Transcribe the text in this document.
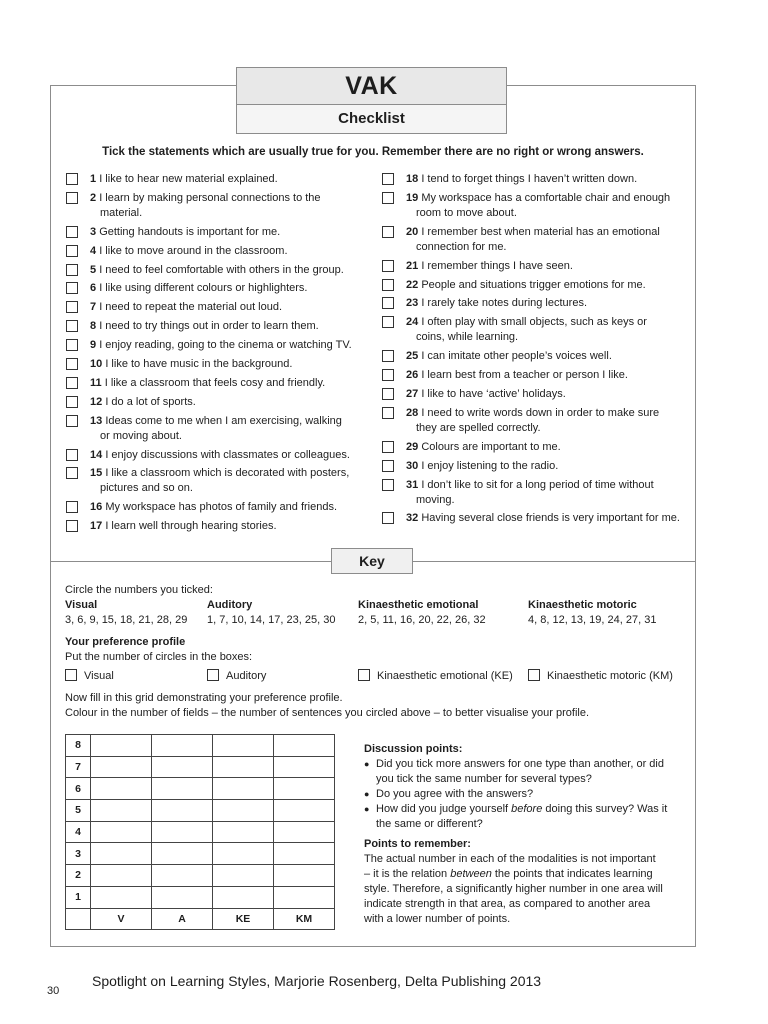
VAK
Checklist
Tick the statements which are usually true for you. Remember there are no right or wrong answers.
1 I like to hear new material explained.
2 I learn by making personal connections to the
material.
3 Getting handouts is important for me.
4 I like to move around in the classroom.
5 I need to feel comfortable with others in the group.
6 I like using different colours or highlighters.
7 I need to repeat the material out loud.
8 I need to try things out in order to learn them.
9 I enjoy reading, going to the cinema or watching TV.
10 I like to have music in the background.
11 I like a classroom that feels cosy and friendly.
12 I do a lot of sports.
13 Ideas come to me when I am exercising, walking
or moving about.
14 I enjoy discussions with classmates or colleagues.
15 I like a classroom which is decorated with posters,
pictures and so on.
16 My workspace has photos of family and friends.
17 I learn well through hearing stories.
18 I tend to forget things I haven’t written down.
19 My workspace has a comfortable chair and enough
room to move about.
20 I remember best when material has an emotional
connection for me.
21 I remember things I have seen.
22 People and situations trigger emotions for me.
23 I rarely take notes during lectures.
24 I often play with small objects, such as keys or
coins, while learning.
25 I can imitate other people’s voices well.
26 I learn best from a teacher or person I like.
27 I like to have ‘active’ holidays.
28 I need to write words down in order to make sure
they are spelled correctly.
29 Colours are important to me.
30 I enjoy listening to the radio.
31 I don’t like to sit for a long period of time without
moving.
32 Having several close friends is very important for me.
Key
Circle the numbers you ticked:
Visual
3, 6, 9, 15, 18, 21, 28, 29
Auditory
1, 7, 10, 14, 17, 23, 25, 30
Kinaesthetic emotional
2, 5, 11, 16, 20, 22, 26, 32
Kinaesthetic motoric
4, 8, 12, 13, 19, 24, 27, 31
Your preference profile
Put the number of circles in the boxes:
Visual	Auditory	Kinaesthetic emotional (KE)	Kinaesthetic motoric (KM)
Now fill in this grid demonstrating your preference profile.
Colour in the number of fields – the number of sentences you circled above – to better visualise your profile.
8				
7				
6				
5				
4				
3				
2				
1				
	V	A	KE	KM
Discussion points:
● Did you tick more answers for one type than another, or did
you tick the same number for several types?
● Do you agree with the answers?
● How did you judge yourself before doing this survey? Was it
the same or different?
Points to remember:
The actual number in each of the modalities is not important
– it is the relation between the points that indicates learning
style. Therefore, a significantly higher number in one area will
indicate strength in that area, as compared to another area
with a lower number of points.
Spotlight on Learning Styles, Marjorie Rosenberg, Delta Publishing 2013
30
